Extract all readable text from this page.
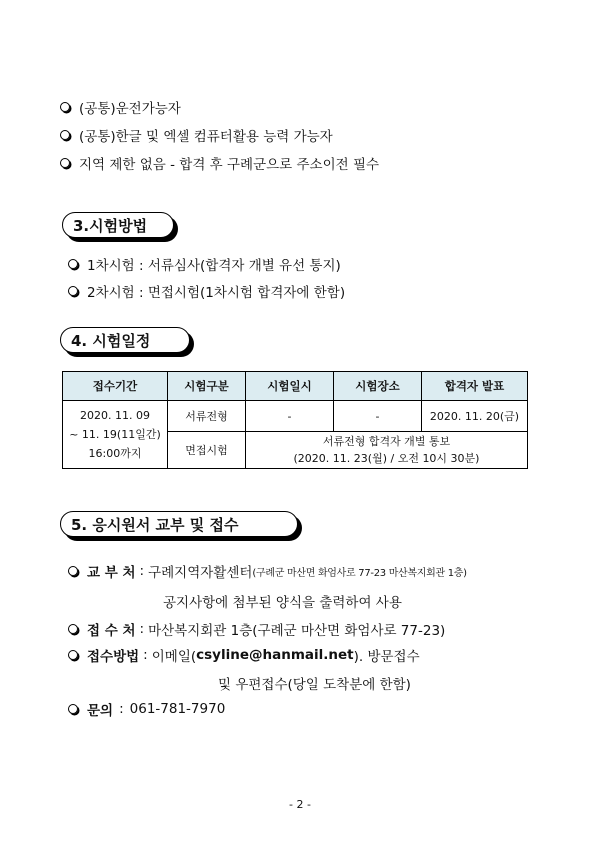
(공통)운전가능자
(공통)한글 및 엑셀 컴퓨터활용 능력 가능자
지역 제한 없음 - 합격 후 구례군으로 주소이전 필수
3.시험방법
1차시험 : 서류심사(합격자 개별 유선 통지)
2차시험 : 면접시험(1차시험 합격자에 한함)
4. 시험일정
접수기간	시험구분	시험일시	시험장소	합격자 발표

2020. 11. 09
~ 11. 19(11일간)
16:00까지	서류전형	-	-	2020. 11. 20(금)
	면접시험	서류전형 합격자 개별 통보
(2020. 11. 23(월) / 오전 10시 30분)		
5. 응시원서 교부 및 접수
교 부 처 : 구례지역자활센터 (구례군 마산면 화엄사로 77-23 마산복지회관 1층)
공지사항에 첨부된 양식을 출력하여 사용
접 수 처 : 마산복지회관 1층(구례군 마산면 화엄사로 77-23)
접수방법 : 이메일( csyline@hanmail.net ). 방문접수
및 우편접수(당일 도착분에 한함)
문의 : 061-781-7970
- 2 -
